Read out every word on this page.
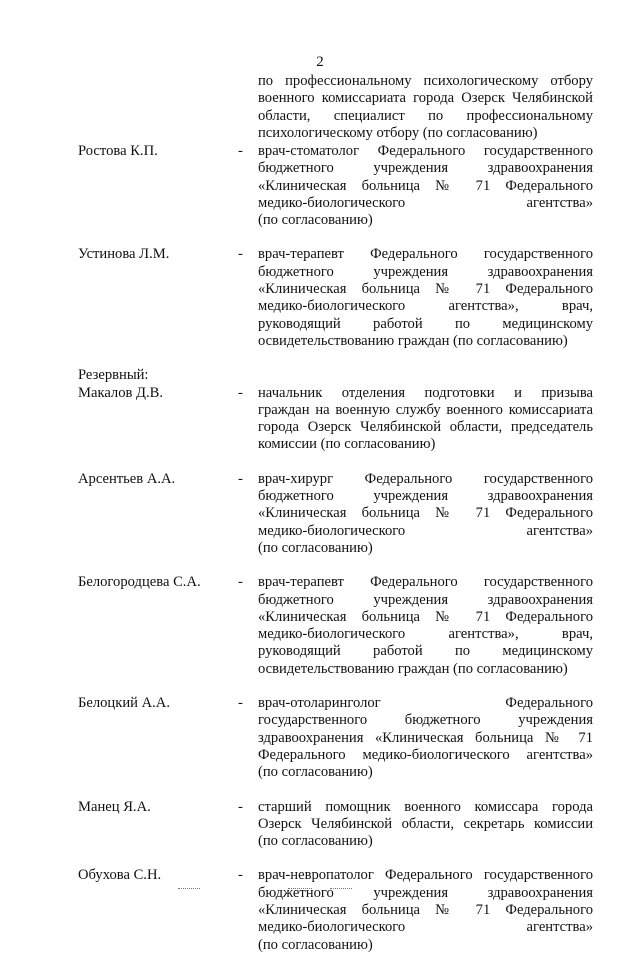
2
по профессиональному психологическому отбору
военного комиссариата города Озерск Челябинской
области, специалист по профессиональному
психологическому отбору (по согласованию)
Ростова К.П.	- врач-стоматолог Федерального государственного
бюджетного учреждения здравоохранения
«Клиническая больница № 71 Федерального
медико-биологического агентства»
(по согласованию)
Устинова Л.М.	- врач-терапевт Федерального государственного
бюджетного учреждения здравоохранения
«Клиническая больница № 71 Федерального
медико-биологического агентства», врач,
руководящий работой по медицинскому
освидетельствованию граждан (по согласованию)
Резервный:
Макалов Д.В.	- начальник отделения подготовки и призыва
граждан на военную службу военного комиссариата
города Озерск Челябинской области, председатель
комиссии (по согласованию)
Арсентьев А.А.	- врач-хирург Федерального государственного
бюджетного учреждения здравоохранения
«Клиническая больница № 71 Федерального
медико-биологического агентства»
(по согласованию)
Белогородцева С.А.	- врач-терапевт Федерального государственного
бюджетного учреждения здравоохранения
«Клиническая больница № 71 Федерального
медико-биологического агентства», врач,
руководящий работой по медицинскому
освидетельствованию граждан (по согласованию)
Белоцкий А.А.	- врач-отоларинголог Федерального
государственного бюджетного учреждения
здравоохранения «Клиническая больница № 71
Федерального медико-биологического агентства»
(по согласованию)
Манец Я.А.	- старший помощник военного комиссара города
Озерск Челябинской области, секретарь комиссии
(по согласованию)
Обухова С.Н.	- врач-невропатолог Федерального государственного
бюджетного учреждения здравоохранения
«Клиническая больница № 71 Федерального
медико-биологического агентства»
(по согласованию)
